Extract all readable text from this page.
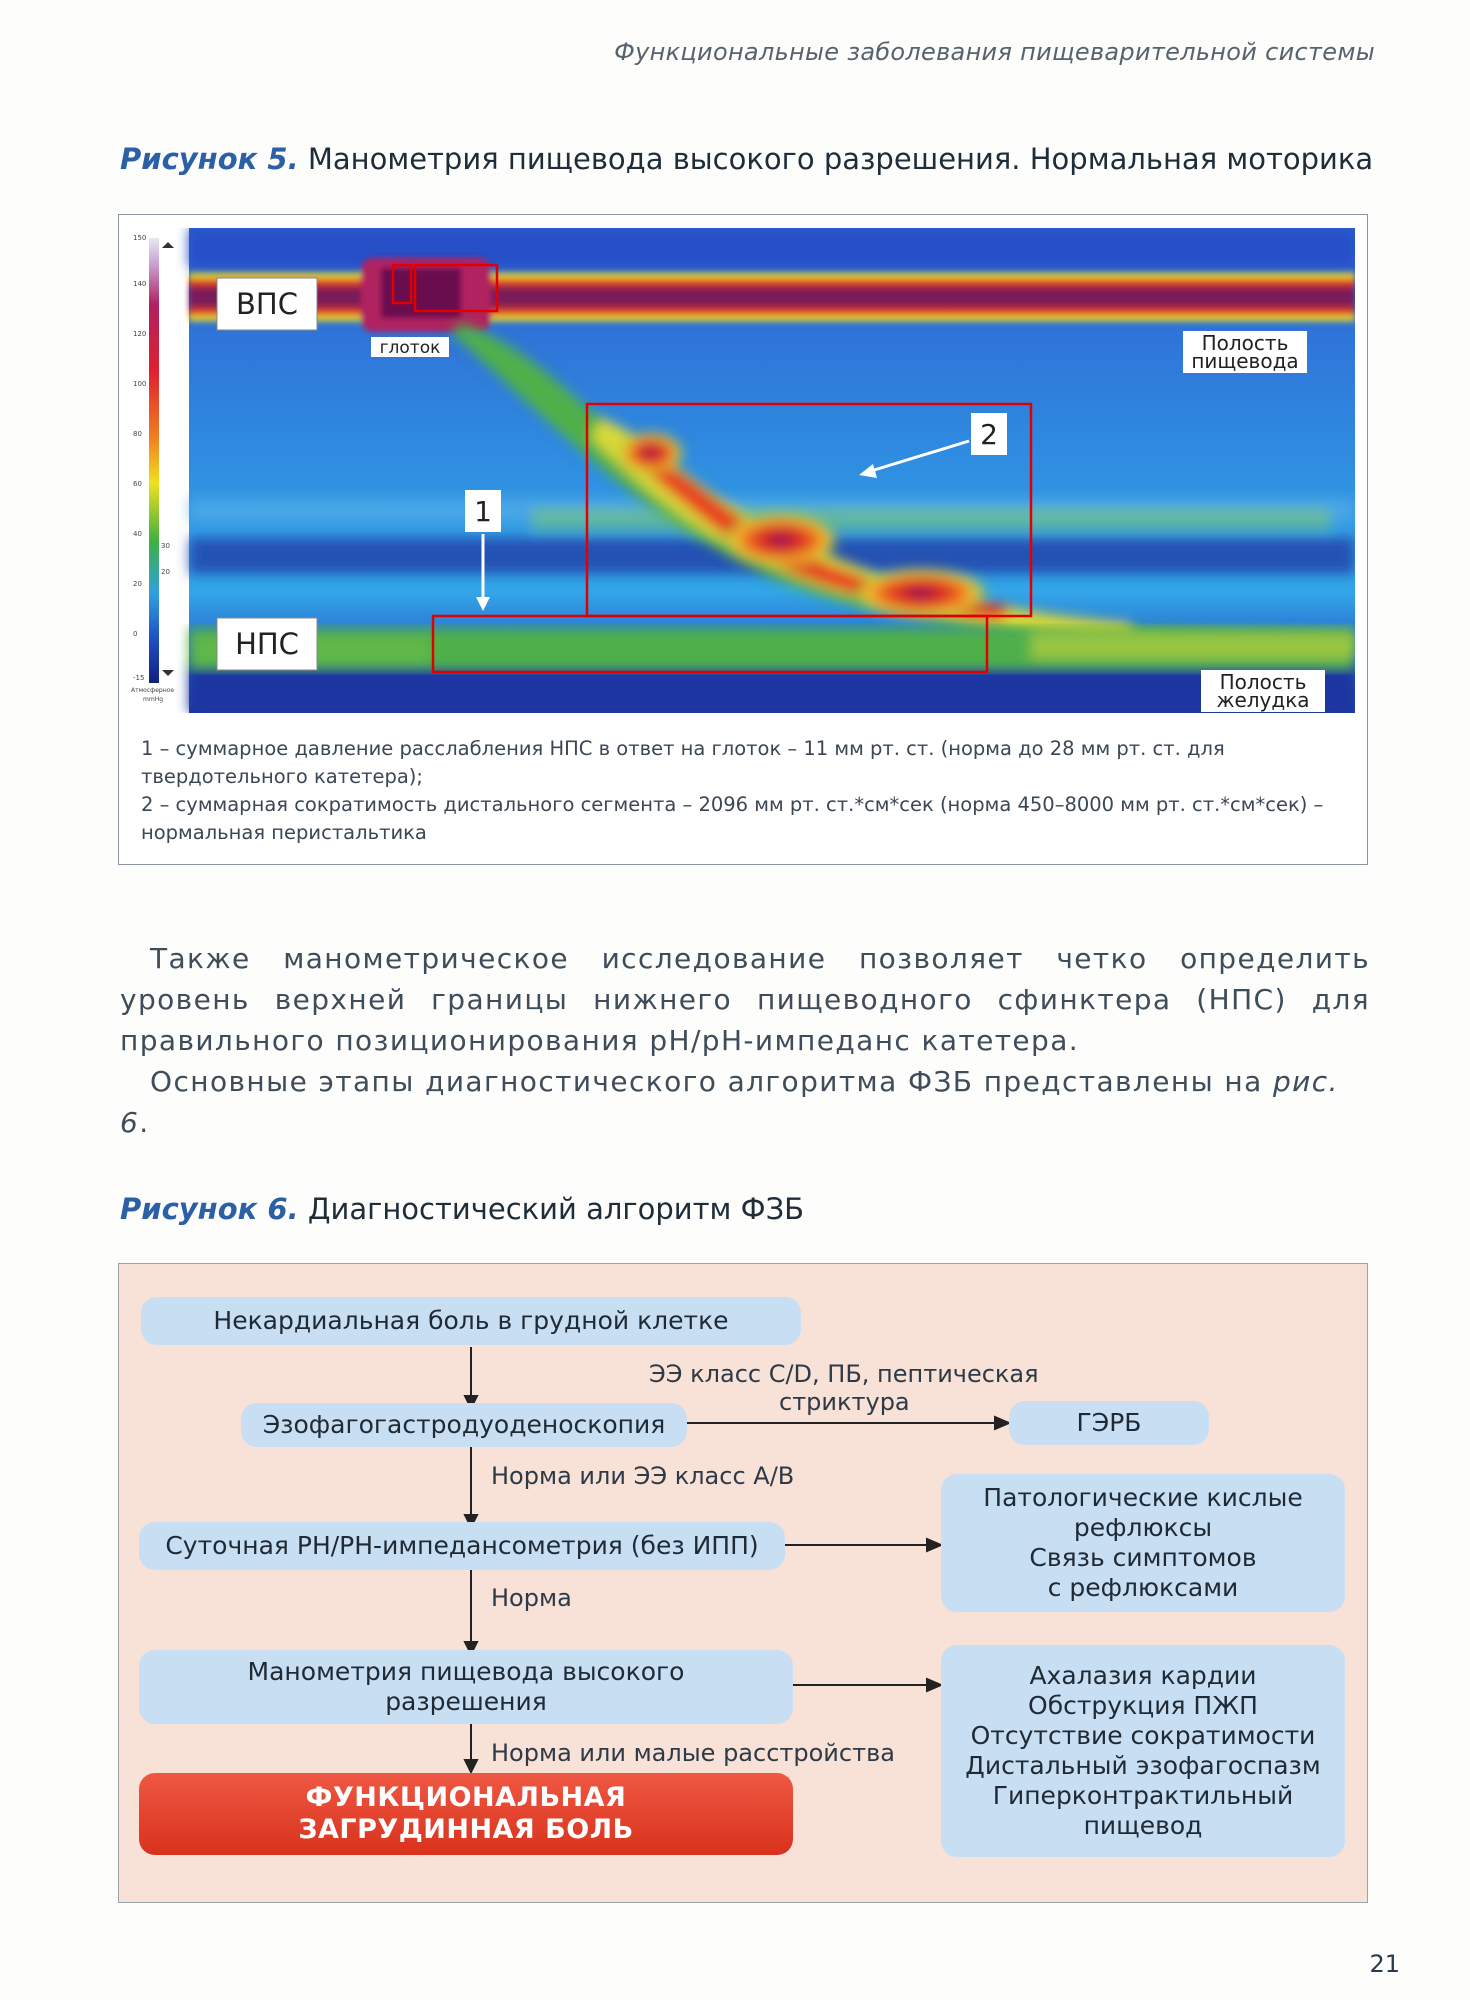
Функциональные заболевания пищеварительной системы
Рисунок 5. Манометрия пищевода высокого разрешения. Нормальная моторика
150
140
120
100
80
60
40
20
0
-15
Атмосферное
mmHg
30
20
ВПС
НПС
глоток	Полость
пищевода
Полость
желудка
1
2

1 – суммарное давление расслабления НПС в ответ на глоток – 11 мм рт. ст. (норма до 28 мм рт. ст. для твердотельного катетера);

2 – суммарная сократимость дистального сегмента – 2096 мм рт. ст.*см*сек (норма 450–8000 мм рт. ст.*см*сек) – нормальная перистальтика

Также манометрическое исследование позволяет четко определить уровень верхней границы нижнего пищеводного сфинктера (НПС) для правильного позиционирования pH/pH-импеданс катетера.
Основные этапы диагностического алгоритма ФЗБ представлены на рис. 6.
Рисунок 6. Диагностический алгоритм ФЗБ
Некардиальная боль в грудной клетке
Эзофагогастродуоденоскопия
Суточная PH/PH-импедансометрия (без ИПП)
Манометрия пищевода высокого
разрешения
ФУНКЦИОНАЛЬНАЯ
ЗАГРУДИННАЯ БОЛЬ
ГЭРБ
Патологические кислые
рефлюксы
Связь симптомов
с рефлюксами
Ахалазия кардии
Обструкция ПЖП
Отсутствие сократимости
Дистальный эзофагоспазм
Гиперконтрактильный
пищевод
ЭЭ класс С/D, ПБ, пептическая
стриктура
Норма или ЭЭ класс А/В
Норма
Норма или малые расстройства
21
